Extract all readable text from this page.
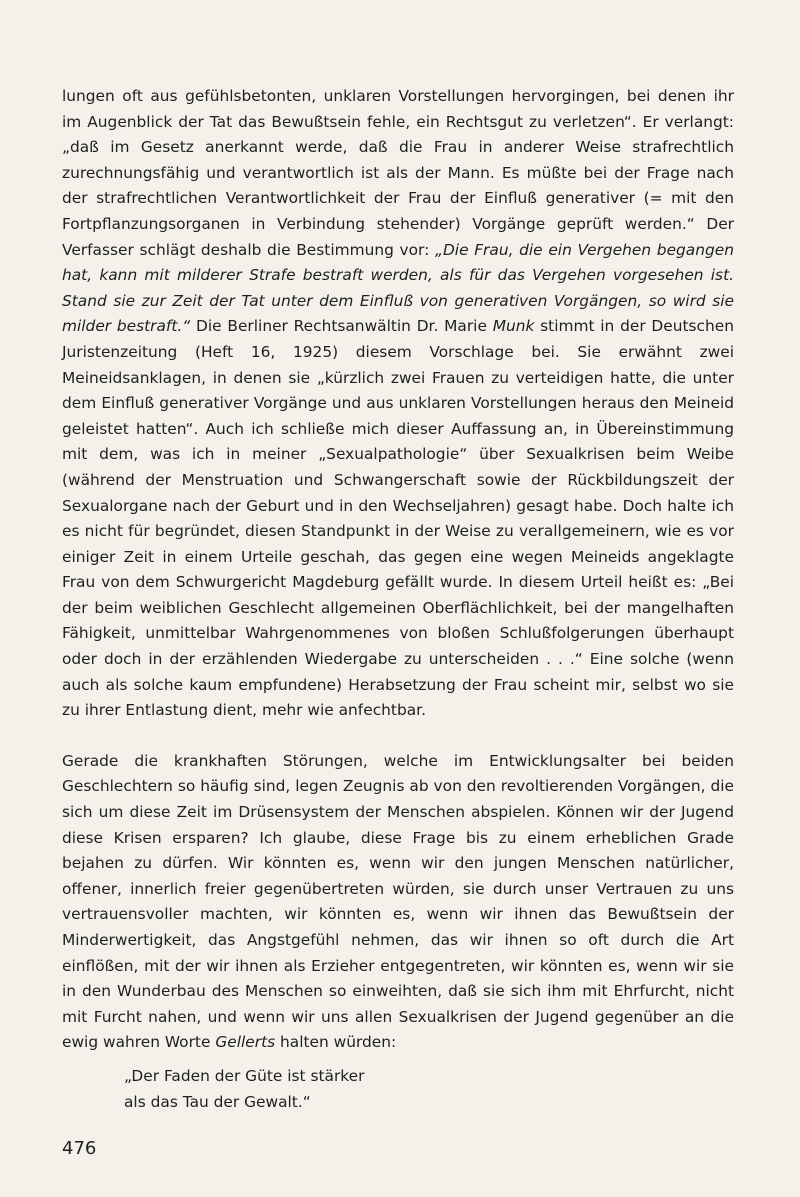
lungen oft aus gefühlsbetonten, unklaren Vorstellungen hervorgingen, bei denen ihr im Augenblick der Tat das Bewußtsein fehle, ein Rechtsgut zu verletzen“. Er verlangt: „daß im Gesetz anerkannt werde, daß die Frau in anderer Weise strafrechtlich zurechnungsfähig und verantwortlich ist als der Mann. Es müßte bei der Frage nach der strafrechtlichen Verantwortlichkeit der Frau der Einfluß generativer (= mit den Fortpflanzungsorganen in Verbindung stehender) Vorgänge geprüft werden.“ Der Verfasser schlägt deshalb die Bestimmung vor: „Die Frau, die ein Vergehen begangen hat, kann mit milderer Strafe bestraft werden, als für das Vergehen vorgesehen ist. Stand sie zur Zeit der Tat unter dem Einfluß von generativen Vorgängen, so wird sie milder bestraft.“ Die Berliner Rechtsanwältin Dr. Marie Munk stimmt in der Deutschen Juristenzeitung (Heft 16, 1925) diesem Vorschlage bei. Sie erwähnt zwei Meineidsanklagen, in denen sie „kürzlich zwei Frauen zu verteidigen hatte, die unter dem Einfluß generativer Vorgänge und aus unklaren Vorstellungen heraus den Meineid geleistet hatten“. Auch ich schließe mich dieser Auffassung an, in Übereinstimmung mit dem, was ich in meiner „Sexualpathologie“ über Sexualkrisen beim Weibe (während der Menstruation und Schwangerschaft sowie der Rückbildungszeit der Sexualorgane nach der Geburt und in den Wechseljahren) gesagt habe. Doch halte ich es nicht für begründet, diesen Standpunkt in der Weise zu verallgemeinern, wie es vor einiger Zeit in einem Urteile geschah, das gegen eine wegen Meineids angeklagte Frau von dem Schwurgericht Magdeburg gefällt wurde. In diesem Urteil heißt es: „Bei der beim weiblichen Geschlecht allgemeinen Oberflächlichkeit, bei der mangelhaften Fähigkeit, unmittelbar Wahrgenommenes von bloßen Schlußfolgerungen überhaupt oder doch in der erzählenden Wiedergabe zu unterscheiden . . .“ Eine solche (wenn auch als solche kaum empfundene) Herabsetzung der Frau scheint mir, selbst wo sie zu ihrer Entlastung dient, mehr wie anfechtbar.

Gerade die krankhaften Störungen, welche im Entwicklungsalter bei beiden Geschlechtern so häufig sind, legen Zeugnis ab von den revoltierenden Vorgängen, die sich um diese Zeit im Drüsensystem der Menschen abspielen. Können wir der Jugend diese Krisen ersparen? Ich glaube, diese Frage bis zu einem erheblichen Grade bejahen zu dürfen. Wir könnten es, wenn wir den jungen Menschen natürlicher, offener, innerlich freier gegenübertreten würden, sie durch unser Vertrauen zu uns vertrauensvoller machten, wir könnten es, wenn wir ihnen das Bewußtsein der Minderwertigkeit, das Angstgefühl nehmen, das wir ihnen so oft durch die Art einflößen, mit der wir ihnen als Erzieher entgegentreten, wir könnten es, wenn wir sie in den Wunderbau des Menschen so einweihten, daß sie sich ihm mit Ehrfurcht, nicht mit Furcht nahen, und wenn wir uns allen Sexualkrisen der Jugend gegenüber an die ewig wahren Worte Gellerts halten würden:

„Der Faden der Güte ist stärker
als das Tau der Gewalt.“
476
